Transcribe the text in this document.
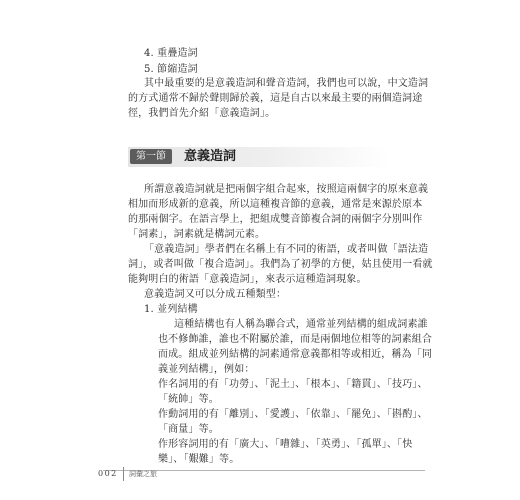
4. 重疊造詞
5. 節縮造詞
其中最重要的是意義造詞和聲音造詞，我們也可以說，中文造詞
的方式通常不歸於聲則歸於義，這是自古以來最主要的兩個造詞途
徑，我們首先介紹「意義造詞」。
所謂意義造詞就是把兩個字組合起來，按照這兩個字的原來意義
相加而形成新的意義，所以這種複音節的意義，通常是來源於原本
的那兩個字。在語言學上，把組成雙音節複合詞的兩個字分別叫作
「詞素」，詞素就是構詞元素。
「意義造詞」學者們在名稱上有不同的術語，或者叫做「語法造
詞」，或者叫做「複合造詞」。我們為了初學的方便，姑且使用一看就
能夠明白的術語「意義造詞」，來表示這種造詞現象。
意義造詞又可以分成五種類型：
1. 並列結構
這種結構也有人稱為聯合式，通常並列結構的組成詞素誰
也不修飾誰，誰也不附屬於誰，而是兩個地位相等的詞素組合
而成。組成並列結構的詞素通常意義都相等或相近，稱為「同
義並列結構」，例如：
作名詞用的有「功勞」、「泥土」、「根本」、「籍貫」、「技巧」、
「統帥」等。
作動詞用的有「離別」、「愛護」、「依靠」、「罷免」、「斟酌」、
「商量」等。
作形容詞用的有「廣大」、「嘈雜」、「英勇」、「孤單」、「快
樂」、「艱難」等。
第一節	意義造詞
002 詞彙之旅
